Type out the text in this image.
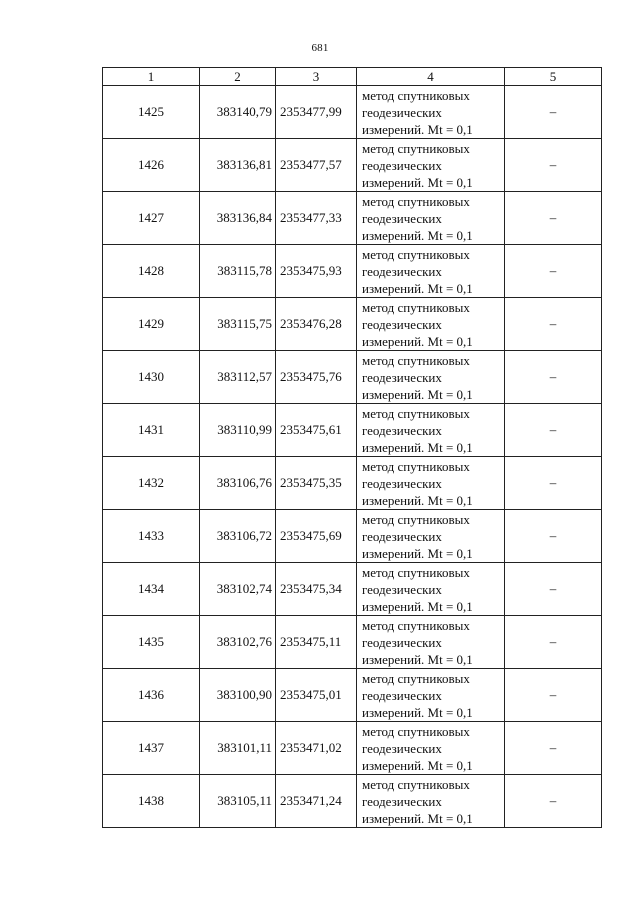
681
1	2	3	4	5
1425	383140,79	2353477,99	метод спутниковых
геодезических
измерений. Mt = 0,1	–
1426	383136,81	2353477,57	метод спутниковых
геодезических
измерений. Mt = 0,1	–
1427	383136,84	2353477,33	метод спутниковых
геодезических
измерений. Mt = 0,1	–
1428	383115,78	2353475,93	метод спутниковых
геодезических
измерений. Mt = 0,1	–
1429	383115,75	2353476,28	метод спутниковых
геодезических
измерений. Mt = 0,1	–
1430	383112,57	2353475,76	метод спутниковых
геодезических
измерений. Mt = 0,1	–
1431	383110,99	2353475,61	метод спутниковых
геодезических
измерений. Mt = 0,1	–
1432	383106,76	2353475,35	метод спутниковых
геодезических
измерений. Mt = 0,1	–
1433	383106,72	2353475,69	метод спутниковых
геодезических
измерений. Mt = 0,1	–
1434	383102,74	2353475,34	метод спутниковых
геодезических
измерений. Mt = 0,1	–
1435	383102,76	2353475,11	метод спутниковых
геодезических
измерений. Mt = 0,1	–
1436	383100,90	2353475,01	метод спутниковых
геодезических
измерений. Mt = 0,1	–
1437	383101,11	2353471,02	метод спутниковых
геодезических
измерений. Mt = 0,1	–
1438	383105,11	2353471,24	метод спутниковых
геодезических
измерений. Mt = 0,1	–
